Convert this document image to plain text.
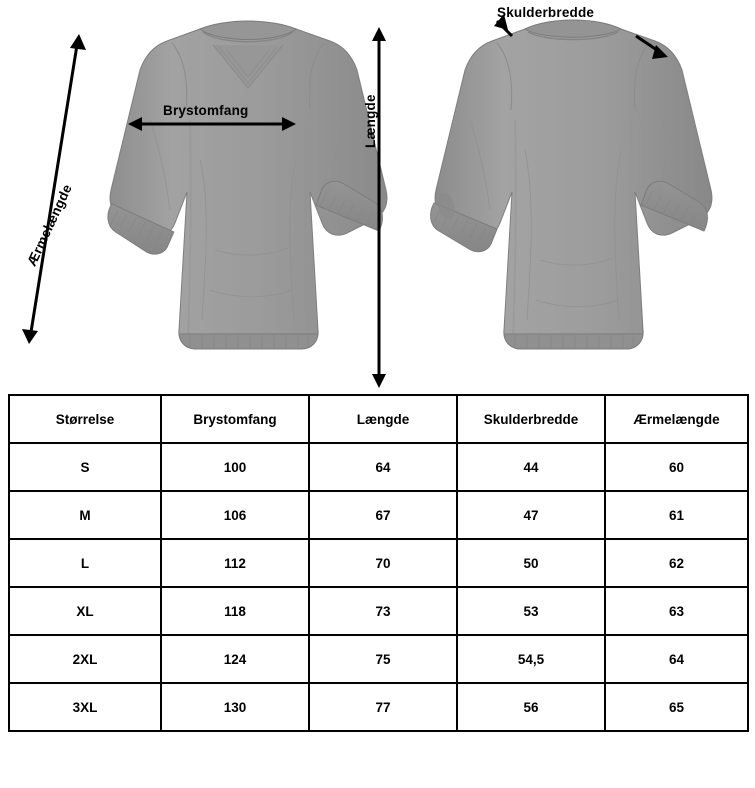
Brystomfang	Længde
Ærmelængde
Skulderbredde
Størrelse	Brystomfang	Længde	Skulderbredde	Ærmelængde
S	100	64	44	60
M	106	67	47	61
L	112	70	50	62
XL	118	73	53	63
2XL	124	75	54,5	64
3XL	130	77	56	65
